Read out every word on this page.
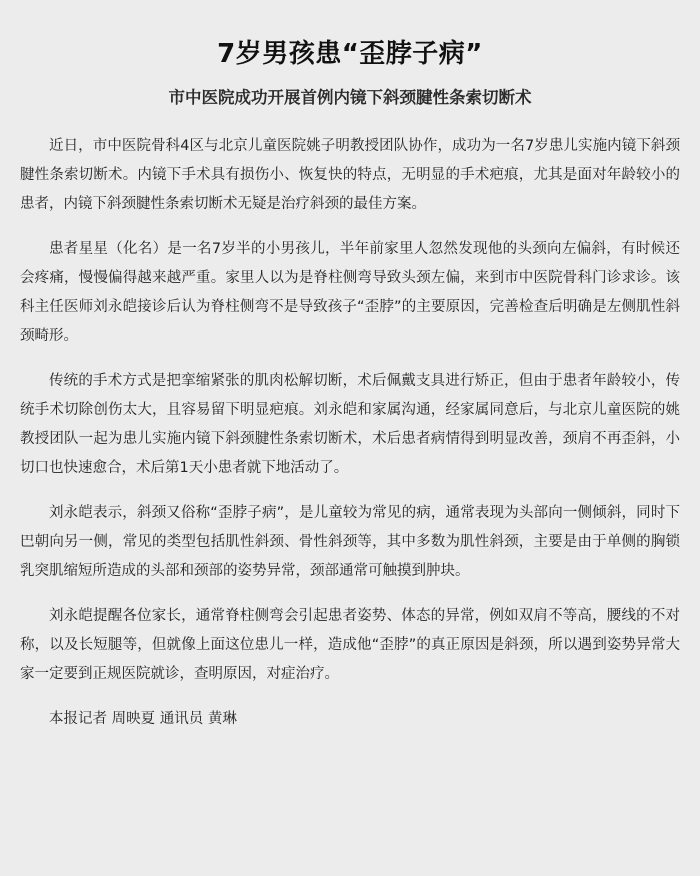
7岁男孩患“歪脖子病”
市中医院成功开展首例内镜下斜颈腱性条索切断术

近日，市中医院骨科4区与北京儿童医院姚子明教授团队协作，成功为一名7岁患儿实施内镜下斜颈腱性条索切断术。内镜下手术具有损伤小、恢复快的特点，无明显的手术疤痕，尤其是面对年龄较小的患者，内镜下斜颈腱性条索切断术无疑是治疗斜颈的最佳方案。

患者星星（化名）是一名7岁半的小男孩儿，半年前家里人忽然发现他的头颈向左偏斜，有时候还会疼痛，慢慢偏得越来越严重。家里人以为是脊柱侧弯导致头颈左偏，来到市中医院骨科门诊求诊。该科主任医师刘永皑接诊后认为脊柱侧弯不是导致孩子“歪脖”的主要原因，完善检查后明确是左侧肌性斜颈畸形。

传统的手术方式是把挛缩紧张的肌肉松解切断，术后佩戴支具进行矫正，但由于患者年龄较小，传统手术切除创伤太大，且容易留下明显疤痕。刘永皑和家属沟通，经家属同意后，与北京儿童医院的姚教授团队一起为患儿实施内镜下斜颈腱性条索切断术，术后患者病情得到明显改善，颈肩不再歪斜，小切口也快速愈合，术后第1天小患者就下地活动了。

刘永皑表示，斜颈又俗称“歪脖子病”，是儿童较为常见的病，通常表现为头部向一侧倾斜，同时下巴朝向另一侧，常见的类型包括肌性斜颈、骨性斜颈等，其中多数为肌性斜颈，主要是由于单侧的胸锁乳突肌缩短所造成的头部和颈部的姿势异常，颈部通常可触摸到肿块。

刘永皑提醒各位家长，通常脊柱侧弯会引起患者姿势、体态的异常，例如双肩不等高，腰线的不对称，以及长短腿等，但就像上面这位患儿一样，造成他“歪脖”的真正原因是斜颈，所以遇到姿势异常大家一定要到正规医院就诊，查明原因，对症治疗。

本报记者 周映夏 通讯员 黄琳
